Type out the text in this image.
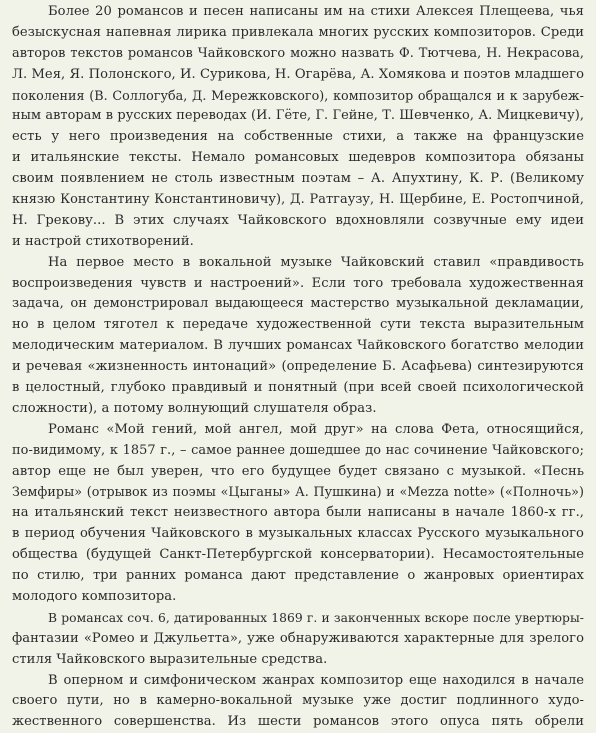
Более 20 романсов и песен написаны им на стихи Алексея Плещеева, чья
безыскусная напевная лирика привлекала многих русских композиторов. Среди
авторов текстов романсов Чайковского можно назвать Ф. Тютчева, Н. Некрасова,
Л. Мея, Я. Полонского, И. Сурикова, Н. Огарёва, А. Хомякова и поэтов младшего
поколения (В. Соллогуба, Д. Мережковского), композитор обращался и к зарубеж-
ным авторам в русских переводах (И. Гёте, Г. Гейне, Т. Шевченко, А. Мицкевичу),
есть у него произведения на собственные стихи, а также на французские
и итальянские тексты. Немало романсовых шедевров композитора обязаны
своим появлением не столь известным поэтам – А. Апухтину, К. Р. (Великому
князю Константину Константиновичу), Д. Ратгаузу, Н. Щербине, Е. Ростопчиной,
Н. Грекову... В этих случаях Чайковского вдохновляли созвучные ему идеи
и настрой стихотворений.
На первое место в вокальной музыке Чайковский ставил «правдивость
воспроизведения чувств и настроений». Если того требовала художественная
задача, он демонстрировал выдающееся мастерство музыкальной декламации,
но в целом тяготел к передаче художественной сути текста выразительным
мелодическим материалом. В лучших романсах Чайковского богатство мелодии
и речевая «жизненность интонаций» (определение Б. Асафьева) синтезируются
в целостный, глубоко правдивый и понятный (при всей своей психологической
сложности), а потому волнующий слушателя образ.
Романс «Мой гений, мой ангел, мой друг» на слова Фета, относящийся,
по-видимому, к 1857 г., – самое раннее дошедшее до нас сочинение Чайковского;
автор еще не был уверен, что его будущее будет связано с музыкой. «Песнь
Земфиры» (отрывок из поэмы «Цыганы» А. Пушкина) и «Mezza notte» («Полночь»)
на итальянский текст неизвестного автора были написаны в начале 1860-х гг.,
в период обучения Чайковского в музыкальных классах Русского музыкального
общества (будущей Санкт-Петербургской консерватории). Несамостоятельные
по стилю, три ранних романса дают представление о жанровых ориентирах
молодого композитора.
В романсах соч. 6, датированных 1869 г. и законченных вскоре после увертюры-
фантазии «Ромео и Джульетта», уже обнаруживаются характерные для зрелого
стиля Чайковского выразительные средства.
В оперном и симфоническом жанрах композитор еще находился в начале
своего пути, но в камерно-вокальной музыке уже достиг подлинного худо-
жественного совершенства. Из шести романсов этого опуса пять обрели
